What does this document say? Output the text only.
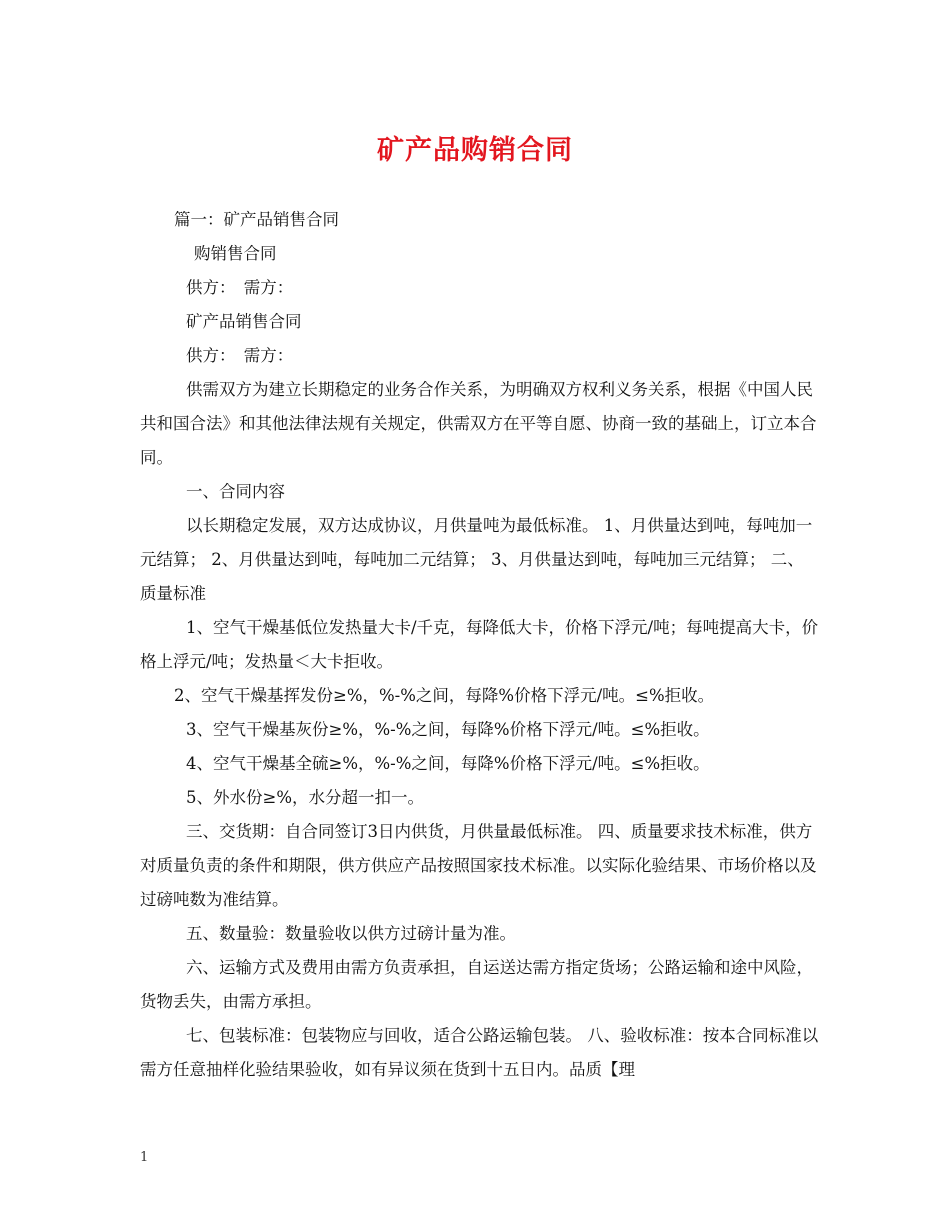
矿产品购销合同

篇一：矿产品销售合同

购销售合同

供方：　需方：

矿产品销售合同

供方：　需方：

供需双方为建立长期稳定的业务合作关系，为明确双方权利义务关系，根据《中国人民共和国合法》和其他法律法规有关规定，供需双方在平等自愿、协商一致的基础上，订立本合同。

一、合同内容

以长期稳定发展，双方达成协议，月供量吨为最低标准。 1、月供量达到吨，每吨加一元结算； 2、月供量达到吨，每吨加二元结算； 3、月供量达到吨，每吨加三元结算； 二、质量标准

1、空气干燥基低位发热量大卡/千克，每降低大卡，价格下浮元/吨；每吨提高大卡，价格上浮元/吨；发热量＜大卡拒收。

2、空气干燥基挥发份≥%，%-%之间，每降%价格下浮元/吨。≤%拒收。

3、空气干燥基灰份≥%，%-%之间，每降%价格下浮元/吨。≤%拒收。

4、空气干燥基全硫≥%，%-%之间，每降%价格下浮元/吨。≤%拒收。

5、外水份≥%，水分超一扣一。

三、交货期：自合同签订3日内供货，月供量最低标准。 四、质量要求技术标准，供方对质量负责的条件和期限，供方供应产品按照国家技术标准。以实际化验结果、市场价格以及过磅吨数为准结算。

五、数量验：数量验收以供方过磅计量为准。

六、运输方式及费用由需方负责承担，自运送达需方指定货场；公路运输和途中风险，货物丢失，由需方承担。

七、包装标准：包装物应与回收，适合公路运输包装。 八、验收标准：按本合同标准以需方任意抽样化验结果验收，如有异议须在货到十五日内。品质【理

1
